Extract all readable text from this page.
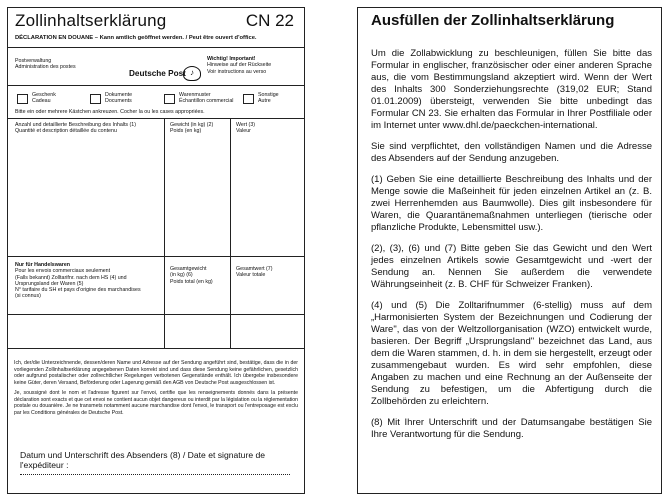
Zollinhaltserklärung	CN 22
DÉCLARATION EN DOUANE – Kann amtlich geöffnet werden. / Peut être ouvert d'office.
Postverwaltung
Administration des postes
Deutsche Post ♪
Wichtig! Important!
Hinweise auf der Rückseite
Voir instructions au verso
Geschenk
Cadeau
Dokumente
Documents
Warenmuster
Échantillon commercial
Sonstige
Autre
Bitte ein oder mehrere Kästchen ankreuzen. Cocher la ou les cases appropriées.
Anzahl und detaillierte Beschreibung des Inhalts (1)
Quantité et description détaillée du contenu
Gewicht (in kg) (2)
Poids (en kg)
Wert (3)
Valeur
Nur für Handelswaren
Pour les envois commerciaux seulement
(Falls bekannt) Zolltarifnr. nach dem HS (4) und
Ursprungsland der Waren (5)
N° tarifaire du SH et pays d'origine des marchandises
(si connus)
Gesamtgewicht
(in kg) (6)
Poids total (en kg)
Gesamtwert (7)
Valeur totale
Ich, der/die Unterzeichnende, dessen/deren Name und Adresse auf der Sendung angeführt sind, bestätige, dass die in der vorliegenden Zollinhaltserklärung angegebenen Daten korrekt sind und dass diese Sendung keine gefährlichen, gesetzlich oder aufgrund postalischer oder zollrechtlicher Regelungen verbotenen Gegenstände enthält. Ich übergebe insbesondere keine Güter, deren Versand, Beförderung oder Lagerung gemäß den AGB von Deutsche Post ausgeschlossen ist.
Je, soussigné dont le nom et l'adresse figurent sur l'envoi, certifie que les renseignements donnés dans la présente déclaration sont exacts et que cet envoi ne contient aucun objet dangereux ou interdit par la législation ou la réglementation postale ou douanière. Je ne transmets notamment aucune marchandise dont l'envoi, le transport ou l'entreposage est exclu par les Conditions générales de Deutsche Post.
Datum und Unterschrift des Absenders (8) / Date et signature de l'expéditeur :
Ausfüllen der Zollinhaltserklärung

Um die Zollabwicklung zu beschleunigen, füllen Sie bitte das Formular in englischer, französischer oder einer anderen Sprache aus, die vom Bestimmungsland akzeptiert wird. Wenn der Wert des Inhalts 300 Sonderziehungsrechte (319,02 EUR; Stand 01.01.2009) übersteigt, verwenden Sie bitte unbedingt das Formular CN 23. Sie erhalten das Formular in Ihrer Postfiliale oder im Internet unter www.dhl.de/paeckchen-international.

Sie sind verpflichtet, den vollständigen Namen und die Adresse des Absenders auf der Sendung anzugeben.

(1) Geben Sie eine detaillierte Beschreibung des Inhalts und der Menge sowie die Maßeinheit für jeden einzelnen Artikel an (z. B. zwei Herrenhemden aus Baumwolle). Dies gilt insbesondere für Waren, die Quarantänemaßnahmen unterliegen (tierische oder pflanzliche Produkte, Lebensmittel usw.).

(2), (3), (6) und (7) Bitte geben Sie das Gewicht und den Wert jedes einzelnen Artikels sowie Gesamtgewicht und -wert der Sendung an. Nennen Sie außerdem die verwendete Währungseinheit (z. B. CHF für Schweizer Franken).

(4) und (5) Die Zolltarifnummer (6-stellig) muss auf dem „Harmonisierten System der Bezeichnungen und Codierung der Ware", das von der Weltzollorganisation (WZO) entwickelt wurde, basieren. Der Begriff „Ursprungsland" bezeichnet das Land, aus dem die Waren stammen, d. h. in dem sie hergestellt, erzeugt oder zusammengebaut wurden. Es wird sehr empfohlen, diese Angaben zu machen und eine Rechnung an der Außenseite der Sendung zu befestigen, um die Abfertigung durch die Zollbehörden zu erleichtern.

(8) Mit Ihrer Unterschrift und der Datumsangabe bestätigen Sie Ihre Verantwortung für die Sendung.
